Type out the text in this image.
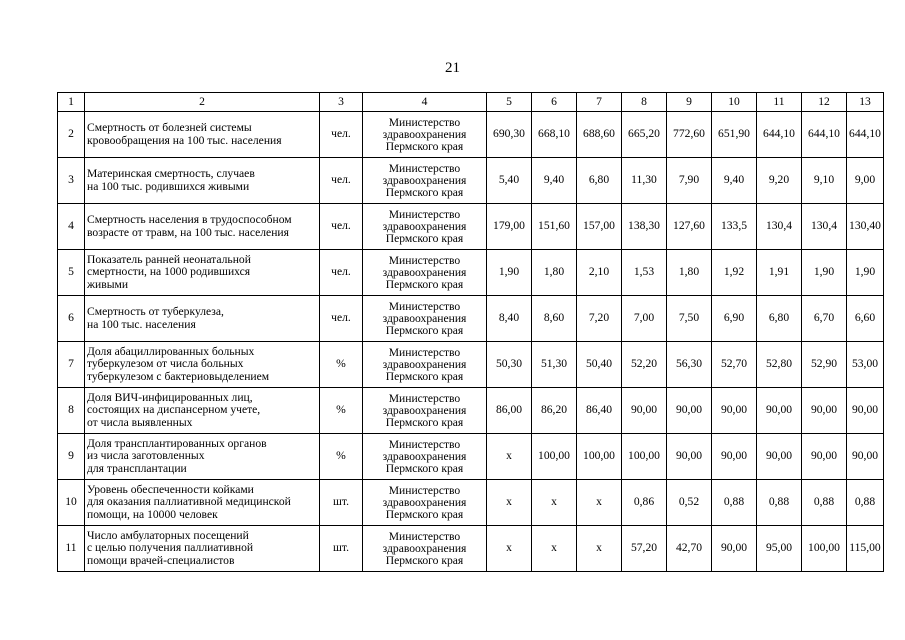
21
1	2	3	4	5	6	7	8	9	10	11	12	13
2	Смертность от болезней системы
кровообращения на 100 тыс. населения	чел.	Министерство
здравоохранения
Пермского края	690,30	668,10	688,60	665,20	772,60	651,90	644,10	644,10	644,10
3	Материнская смертность, случаев
на 100 тыс. родившихся живыми	чел.	Министерство
здравоохранения
Пермского края	5,40	9,40	6,80	11,30	7,90	9,40	9,20	9,10	9,00
4	Смертность населения в трудоспособном
возрасте от травм, на 100 тыс. населения	чел.	Министерство
здравоохранения
Пермского края	179,00	151,60	157,00	138,30	127,60	133,5	130,4	130,4	130,40
5	Показатель ранней неонатальной
смертности, на 1000 родившихся
живыми	чел.	Министерство
здравоохранения
Пермского края	1,90	1,80	2,10	1,53	1,80	1,92	1,91	1,90	1,90
6	Смертность от туберкулеза,
на 100 тыс. населения	чел.	Министерство
здравоохранения
Пермского края	8,40	8,60	7,20	7,00	7,50	6,90	6,80	6,70	6,60
7	Доля абациллированных больных
туберкулезом от числа больных
туберкулезом с бактериовыделением	%	Министерство
здравоохранения
Пермского края	50,30	51,30	50,40	52,20	56,30	52,70	52,80	52,90	53,00
8	Доля ВИЧ-инфицированных лиц,
состоящих на диспансерном учете,
от числа выявленных	%	Министерство
здравоохранения
Пермского края	86,00	86,20	86,40	90,00	90,00	90,00	90,00	90,00	90,00
9	Доля трансплантированных органов
из числа заготовленных
для трансплантации	%	Министерство
здравоохранения
Пермского края	x	100,00	100,00	100,00	90,00	90,00	90,00	90,00	90,00
10	Уровень обеспеченности койками
для оказания паллиативной медицинской
помощи, на 10000 человек	шт.	Министерство
здравоохранения
Пермского края	x	x	x	0,86	0,52	0,88	0,88	0,88	0,88
11	Число амбулаторных посещений
с целью получения паллиативной
помощи врачей-специалистов	шт.	Министерство
здравоохранения
Пермского края	x	x	x	57,20	42,70	90,00	95,00	100,00	115,00
